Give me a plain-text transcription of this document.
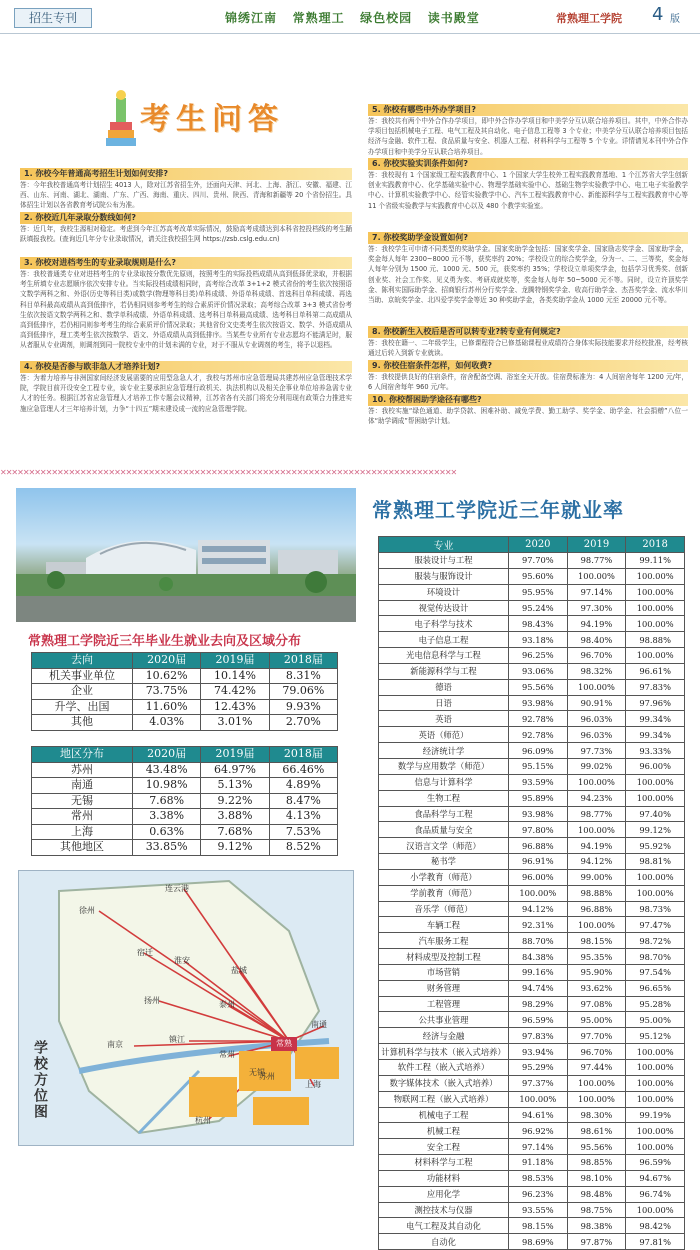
招生专刊	锦绣江南 常熟理工 绿色校园 读书殿堂	常熟理工学院 4 版
考生问答
1. 你校今年普通高考招生计划如何安排?
答：今年我校普通高考计划招生 4013 人，除对江苏省招生外，还面向天津、河北、上海、浙江、安徽、福建、江西、山东、河南、湖北、湖南、广东、广西、海南、重庆、四川、贵州、陕西、青海和新疆等 20 个省份招生。具体招生计划以各省教育考试院公布为准。
2. 你校近几年录取分数线如何?
答：近几年，我校生源相对稳定。考虑到今年江苏高考改革实际情况，鼓励高考成绩达到本科省控投档线的考生踊跃填报我校。(查询近几年分专业录取情况，请关注我校招生网 https://zsb.cslg.edu.cn)
3. 你校对进档考生的专业录取规则是什么?
答：我校普通类专业对进档考生的专业录取按分数优先原则，按照考生的实际投档成绩从高到低择优录取，并根据考生所填专业志愿顺序依次安排专业。当实际投档成绩相同时，高考综合改革 3+1+2 模式省份的考生依次按照语文数学两科之和、外语(历史等科目类)或数学(物理等科目类)单科成绩、外语单科成绩、首选科目单科成绩、再选科目单科最高成绩从高到低排序，若仍相同则参考考生的综合素质评价情况录取；高考综合改革 3+3 模式省份考生依次按语文数学两科之和、数学单科成绩、外语单科成绩、选考科目单科最高成绩、选考科目单科第二高成绩从高到低排序，若仍相同则参考考生的综合素质评价情况录取；其他省份文史类考生依次按语文、数学、外语成绩从高到低排序，理工类考生依次按数学、语文、外语成绩从高到低排序。当某些专业所有专业志愿均不能满足时，服从者服从专业调剂，则调剂到同一院校专业中的计划未满的专业，对于不服从专业调剂的考生，将予以退档。
4. 你校是否参与欧非急人才培养计划?
答：为着力培养与非洲国家间经济发展需要的应用型急急人才，我校与苏州市应急管理局共建苏州应急管理技术学院，学院目前开设安全工程专业，该专业主要承担应急管理行政机关、执法机构以及相关企事业单位培养急需专业人才的任务。根据江苏省应急管理人才培养工作专题会议精神，江苏省各有关部门将充分利用现有政策合力推进实施应急管理人才三年培养计划，力争“十四五”期末建设成一流的应急管理学院。
5. 你校有哪些中外办学项目?
答：我校共有两个中外合作办学项目，即中外合作办学项目和中美学分互认联合培养项目。其中，中外合作办学项目包括机械电子工程、电气工程及其自动化、电子信息工程等 3 个专业；中美学分互认联合培养项目包括经济与金融、软件工程、食品质量与安全、机器人工程、材料科学与工程等 5 个专业。详情请见本刊中外合作办学项目和中美学分互认联合培养项目。
6. 你校实验实训条件如何?
答：我校现有 1 个国家级工程实践教育中心、1 个国家大学生校外工程实践教育基地、1 个江苏省大学生创新创业实践教育中心、化学基础实验中心、物理学基础实验中心、基础生物学实验教学中心、电工电子实验教学中心、计算机实验教学中心、经管实验教学中心、汽车工程实践教育中心、新能源科学与工程实践教育中心等 11 个省级实验教学与实践教育中心以及 480 个教学实验室。
7. 你校奖助学金设置如何?
答：我校学生可申请不同类型的奖助学金。国家奖助学金包括：国家奖学金、国家励志奖学金、国家助学金，奖金每人每年 2300~8000 元不等，获奖率约 20%；学校设立的综合奖学金，分为一、二、三等奖，奖金每人每年分别为 1500 元、1000 元、500 元，获奖率约 35%；学校设立单项奖学金，包括学习优秀奖、创新创业奖、社会工作奖、见义勇为奖、考研成就奖等，奖金每人每年 50~5000 元不等。同时，设立许顶奖学金、陈利实国际助学金、招商银行苏州分行奖学金、龙腾特钢奖学金、收高行助学金、杰吾奖学金、流水华川当助、京皖奖学金、北四爱学奖学金等近 30 种奖助学金，各类奖助学金从 1000 元至 20000 元不等。
8. 你校新生入校后是否可以转专业?转专业有何规定?
答：我校在籍一、二年级学生，已修课程符合已修基础课程业成绩符合身体实际技能要求并经校批准，经考核通过后转入到新专业就读。
9. 你校住宿条件怎样，如何收费?
答：我校提供良好的住宿条件，宿舍配备空调、浴室全天开放。住宿费标准为：4 人间宿舍每年 1200 元/年，6 人间宿舍每年 960 元/年。
10. 你校帮困助学途径有哪些?
答：我校实施“绿色通道、助学贷款、困难补助、减免学费、勤工助学、奖学金、助学金、社会捐赠”八位一体“助学调成”帮困助学计划。
✕✕✕✕✕✕✕✕✕✕✕✕✕✕✕✕✕✕✕✕✕✕✕✕✕✕✕✕✕✕✕✕✕✕✕✕✕✕✕✕✕✕✕✕✕✕✕✕✕✕✕✕✕✕✕✕✕✕✕✕✕✕✕✕✕✕✕✕✕✕✕✕✕✕✕✕✕✕✕✕
常熟理工学院近三年毕业生就业去向及区域分布
去向	2020届	2019届	2018届
机关事业单位	10.62%	10.14%	8.31%
企业	73.75%	74.42%	79.06%
升学、出国	11.60%	12.43%	9.93%
其他	4.03%	3.01%	2.70%
地区分布	2020届	2019届	2018届
苏州	43.48%	64.97%	66.46%
南通	10.98%	5.13%	4.89%
无锡	7.68%	9.22%	8.47%
常州	3.38%	3.88%	4.13%
上海	0.63%	7.68%	7.53%
其他地区	33.85%	9.12%	8.52%
连云港
徐州
宿迁
淮安
盐城
扬州	泰州
南京
镇江
常州
无锡
苏州
南通
上海
杭州
常熟
学校方位图
常熟理工学院近三年就业率
专业	2020	2019	2018
服装设计与工程	97.70%	98.77%	99.11%
服装与服饰设计	95.60%	100.00%	100.00%
环境设计	95.95%	97.14%	100.00%
视觉传达设计	95.24%	97.30%	100.00%
电子科学与技术	98.43%	94.19%	100.00%
电子信息工程	93.18%	98.40%	98.88%
光电信息科学与工程	96.25%	96.70%	100.00%
新能源科学与工程	93.06%	98.32%	96.61%
德语	95.56%	100.00%	97.83%
日语	93.98%	90.91%	97.96%
英语	92.78%	96.03%	99.34%
英语（师范）	92.78%	96.03%	99.34%
经济统计学	96.09%	97.73%	93.33%
数学与应用数学（师范）	95.15%	99.02%	96.00%
信息与计算科学	93.59%	100.00%	100.00%
生物工程	95.89%	94.23%	100.00%
食品科学与工程	93.98%	98.77%	97.40%
食品质量与安全	97.80%	100.00%	99.12%
汉语言文学（师范）	96.88%	94.19%	95.92%
秘书学	96.91%	94.12%	98.81%
小学教育（师范）	96.00%	99.00%	100.00%
学前教育（师范）	100.00%	98.88%	100.00%
音乐学（师范）	94.12%	96.88%	98.73%
车辆工程	92.31%	100.00%	97.47%
汽车服务工程	88.70%	98.15%	98.72%
材料成型及控制工程	84.38%	95.35%	98.70%
市场营销	99.16%	95.90%	97.54%
财务管理	94.74%	93.62%	96.65%
工程管理	98.29%	97.08%	95.28%
公共事业管理	96.59%	95.00%	95.00%
经济与金融	97.83%	97.70%	95.12%
计算机科学与技术（嵌入式培养）	93.94%	96.70%	100.00%
软件工程（嵌入式培养）	95.29%	97.44%	100.00%
数字媒体技术（嵌入式培养）	97.37%	100.00%	100.00%
物联网工程（嵌入式培养）	100.00%	100.00%	100.00%
机械电子工程	94.61%	98.30%	99.19%
机械工程	96.92%	98.61%	100.00%
安全工程	97.14%	95.56%	100.00%
材料科学与工程	91.18%	98.85%	96.59%
功能材料	98.53%	98.10%	94.67%
应用化学	96.23%	98.48%	96.74%
测控技术与仪器	93.55%	98.75%	100.00%
电气工程及其自动化	98.15%	98.38%	98.42%
自动化	98.69%	97.87%	97.81%
